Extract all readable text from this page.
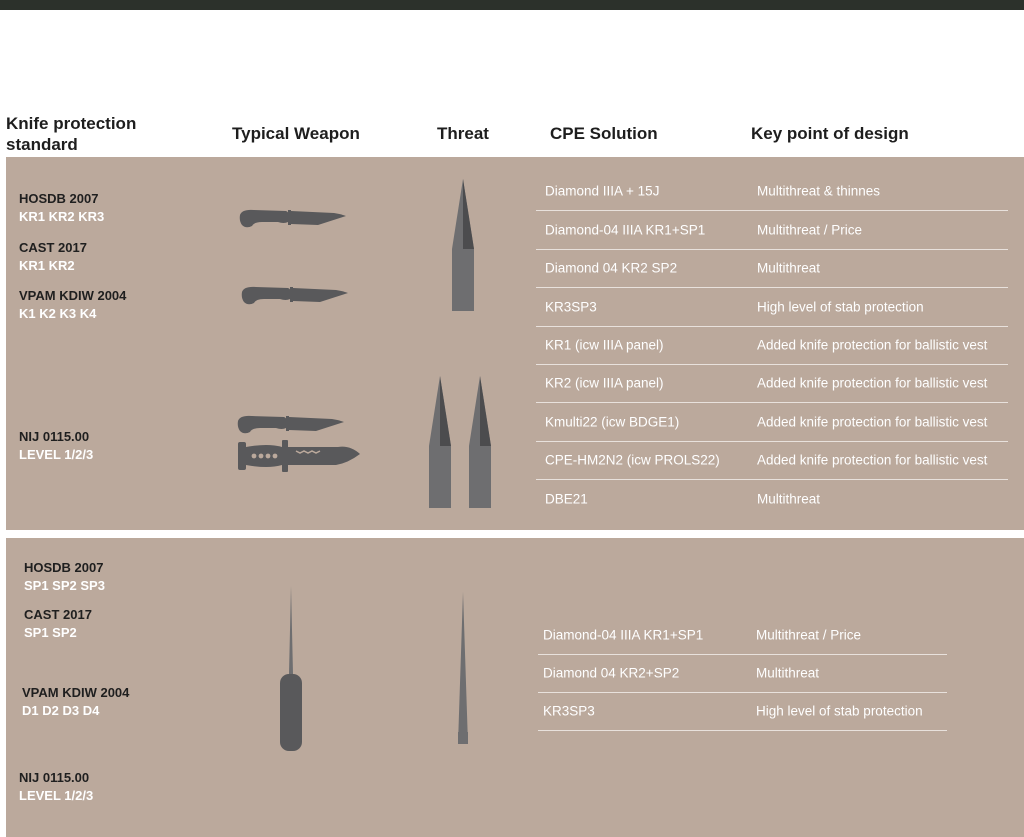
Knife protection standard
Typical Weapon	Threat	CPE Solution	Key point of design
HOSDB 2007
KR1 KR2 KR3
CAST 2017
KR1 KR2
VPAM KDIW 2004
K1 K2 K3 K4
NIJ 0115.00
LEVEL 1/2/3
Diamond IIIA + 15J	Multithreat & thinnes
Diamond-04 IIIA KR1+SP1	Multithreat / Price
Diamond 04 KR2 SP2	Multithreat
KR3SP3	High level of stab protection
KR1 (icw IIIA panel)	Added knife protection for ballistic vest
KR2 (icw IIIA panel)	Added knife protection for ballistic vest
Kmulti22 (icw BDGE1)	Added knife protection for ballistic vest
CPE-HM2N2 (icw PROLS22)	Added knife protection for ballistic vest
DBE21	Multithreat
HOSDB 2007
SP1 SP2 SP3
CAST 2017
SP1 SP2
VPAM KDIW 2004
D1 D2 D3 D4
NIJ 0115.00
LEVEL 1/2/3
Diamond-04 IIIA KR1+SP1	Multithreat / Price
Diamond 04 KR2+SP2	Multithreat
KR3SP3	High level of stab protection
